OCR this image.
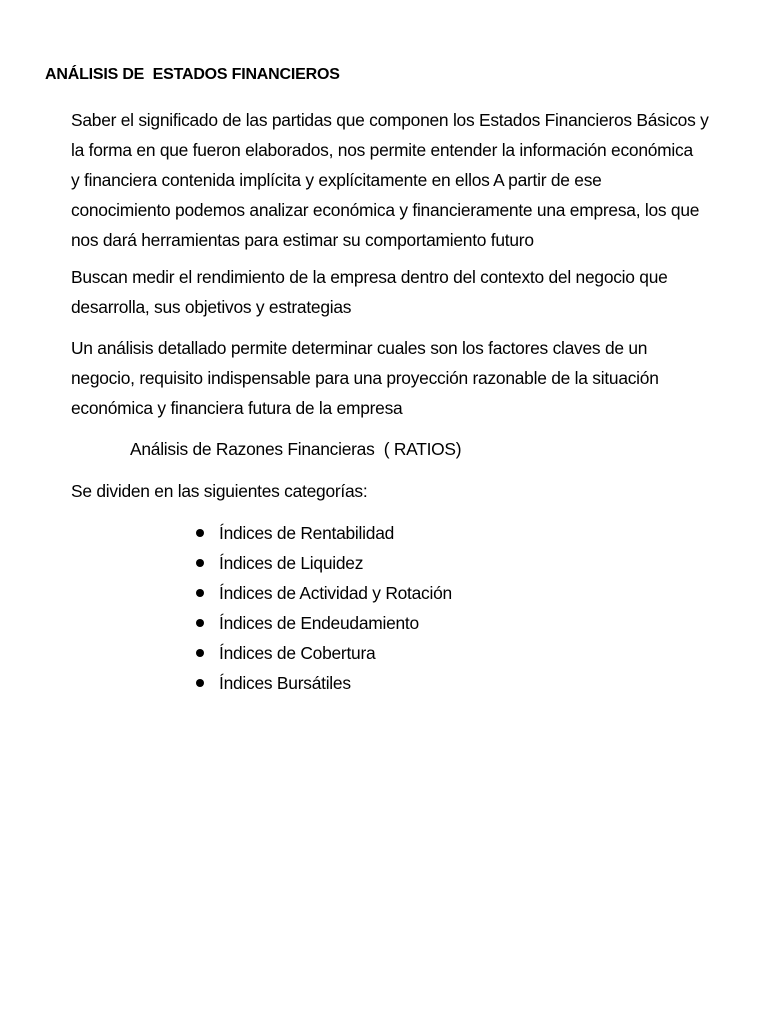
ANÁLISIS DE  ESTADOS FINANCIEROS

Saber el significado de las partidas que componen los Estados Financieros Básicos y
la forma en que fueron elaborados, nos permite entender la información económica
y financiera contenida implícita y explícitamente en ellos A partir de ese
conocimiento podemos analizar económica y financieramente una empresa, los que
nos dará herramientas para estimar su comportamiento futuro

Buscan medir el rendimiento de la empresa dentro del contexto del negocio que
desarrolla, sus objetivos y estrategias

Un análisis detallado permite determinar cuales son los factores claves de un
negocio, requisito indispensable para una proyección razonable de la situación
económica y financiera futura de la empresa

Análisis de Razones Financieras  ( RATIOS)

Se dividen en las siguientes categorías:

Índices de Rentabilidad
Índices de Liquidez
Índices de Actividad y Rotación
Índices de Endeudamiento
Índices de Cobertura
Índices Bursátiles
